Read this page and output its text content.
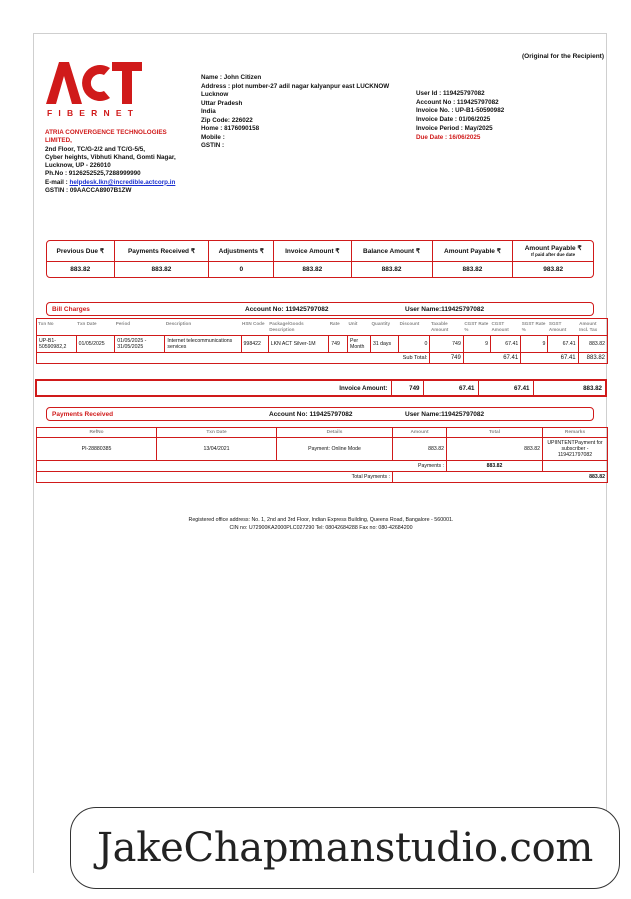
(Original for the Recipient)
FIBERNET
ATRIA CONVERGENCE TECHNOLOGIES LIMITED,
2nd Floor, TC/G-2/2 and TC/G-5/5,
Cyber heights, Vibhuti Khand, Gomti Nagar,
Lucknow, UP - 226010
Ph.No : 9126252525,7288999990
E-mail : helpdesk.lkn@incredible.actcorp.in
GSTIN : 09AACCA8907B1ZW
Name : John Citizen
Address : plot number-27 adil nagar kalyanpur east LUCKNOW
Lucknow
Uttar Pradesh
India
Zip Code: 226022
Home : 8176090158
Mobile :
GSTIN :
User Id : 119425797082
Account No : 119425797082
Invoice No. : UP-B1-50590982
Invoice Date : 01/06/2025
Invoice Period : May/2025
Due Date : 16/06/2025
Previous Due ₹	Payments Received ₹	Adjustments ₹	Invoice Amount ₹	Balance Amount ₹	Amount Payable ₹	Amount Payable ₹
If paid after due date

883.82	883.82	0	883.82	883.82	883.82	983.82
Bill Charges	Account No: 119425797082	User Name:119425797082
Txn No	Txn Date	Period	Description	HSN Code	Package/Goods Description	Rate	Unit	Quantity	Discount	Taxable Amount	CGST Rate %	CGST Amount	SGST Rate %	SGST Amount	Amount Incl. Tax
UP-B1-50590982,2	01/05/2025	01/05/2025 - 31/05/2025	Internet telecommunications services	998422	LKN ACT Silver-1M	749	Per Month	31 days	0	749	9	67.41	9	67.41	883.82
Sub Total:										749	67.41		67.41		883.82
Invoice Amount:	749	67.41	67.41	883.82
Payments Received	Account No: 119425797082	User Name:119425797082
RefNo	Txn Date	Details	Amount	Total	Remarks
PI-28880385	13/04/2021	Payment: Online Mode	883.82	883.82	UPIINTENTPayment for subscriber - 119421797082
Payments :				883.82	
Total Payments :			883.82		
Registered office address: No. 1, 2nd and 3rd Floor, Indian Express Building, Queens Road, Bangalore - 560001.
CIN no: U72900KA2000PLC027290 Tel: 08042684288 Fax no: 080-42684200
JakeChapmanstudio.com
